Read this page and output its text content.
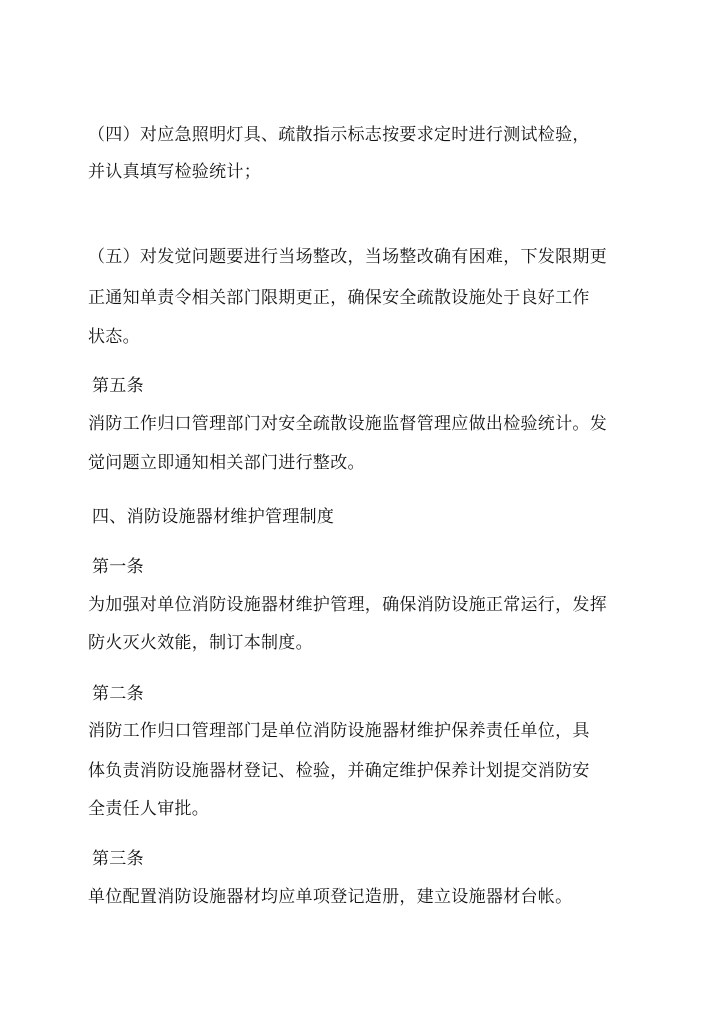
（四）对应急照明灯具、疏散指示标志按要求定时进行测试检验，
并认真填写检验统计；
（五）对发觉问题要进行当场整改，当场整改确有困难，下发限期更
正通知单责令相关部门限期更正，确保安全疏散设施处于良好工作
状态。
第五条
消防工作归口管理部门对安全疏散设施监督管理应做出检验统计。发
觉问题立即通知相关部门进行整改。
四、消防设施器材维护管理制度
第一条
为加强对单位消防设施器材维护管理，确保消防设施正常运行，发挥
防火灭火效能，制订本制度。
第二条
消防工作归口管理部门是单位消防设施器材维护保养责任单位，具
体负责消防设施器材登记、检验，并确定维护保养计划提交消防安
全责任人审批。
第三条
单位配置消防设施器材均应单项登记造册，建立设施器材台帐。
